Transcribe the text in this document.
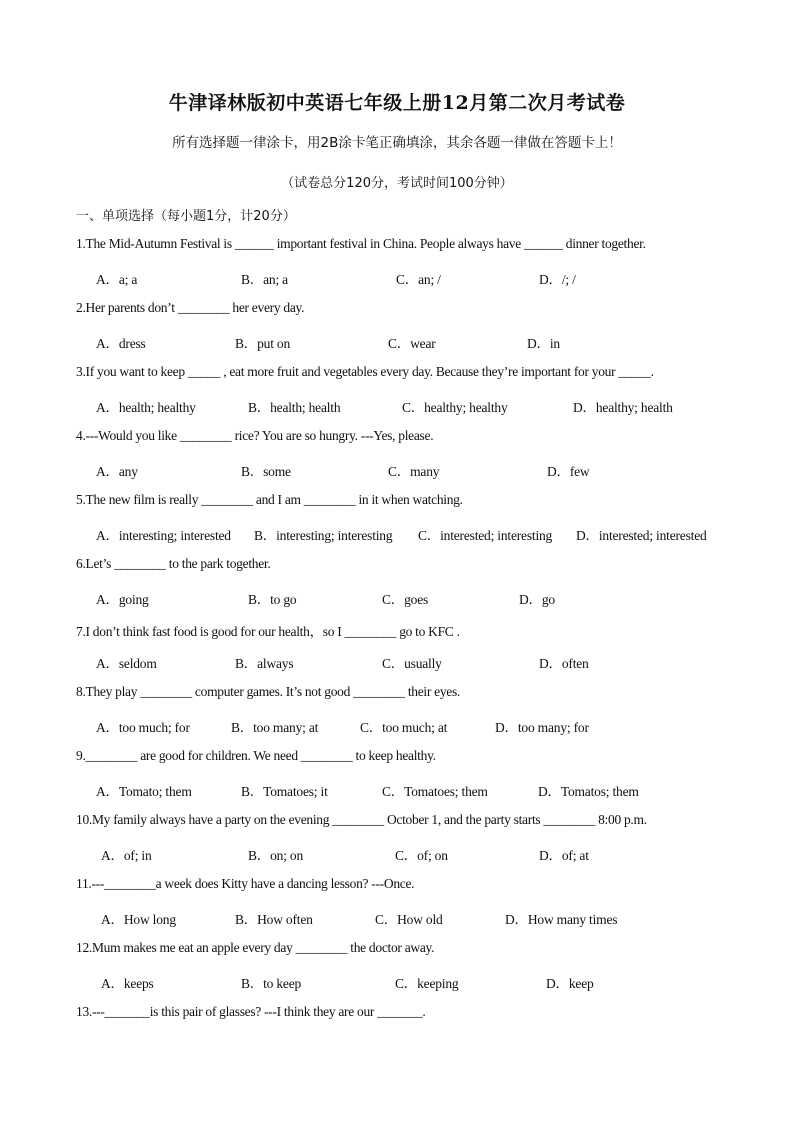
牛津译林版初中英语七年级上册12月第二次月考试卷
所有选择题一律涂卡，用2B涂卡笔正确填涂，其余各题一律做在答题卡上！
（试卷总分120分，考试时间100分钟）
一、单项选择（每小题1分，计20分）
1.The Mid-Autumn Festival is ______ important festival in China. People always have ______ dinner together.
A．a; a	B．an; a	C．an; /	D．/; /
2.Her parents don’t ________ her every day.
A．dress	B．put on	C．wear	D．in
3.If you want to keep _____ , eat more fruit and vegetables every day. Because they’re important for your _____.
A．health; healthy	B．health; health	C．healthy; healthy	D．healthy; health
4.---Would you like ________ rice? You are so hungry. ---Yes, please.
A．any	B．some	C．many	D．few
5.The new film is really ________ and I am ________ in it when watching.
A．interesting; interested B．interesting; interesting C．interested; interesting D．interested; interested
6.Let’s ________ to the park together.
A．going	B．to go	C．goes	D．go
7.I don’t think fast food is good for our health，so I ________ go to KFC .
A．seldom	B．always	C．usually	D．often
8.They play ________ computer games. It’s not good ________ their eyes.
A．too much; for	B．too many; at	C．too much; at	D．too many; for
9.________ are good for children. We need ________ to keep healthy.
A．Tomato; them	B．Tomatoes; it	C．Tomatoes; them	D．Tomatos; them
10.My family always have a party on the evening ________ October 1, and the party starts ________ 8:00 p.m.
A．of; in	B．on; on	C．of; on	D．of; at
11.---________a week does Kitty have a dancing lesson? ---Once.
A．How long	B．How often	C．How old	D．How many times
12.Mum makes me eat an apple every day ________ the doctor away.
A．keeps	B．to keep	C．keeping	D．keep
13.---_______is this pair of glasses? ---I think they are our _______.
